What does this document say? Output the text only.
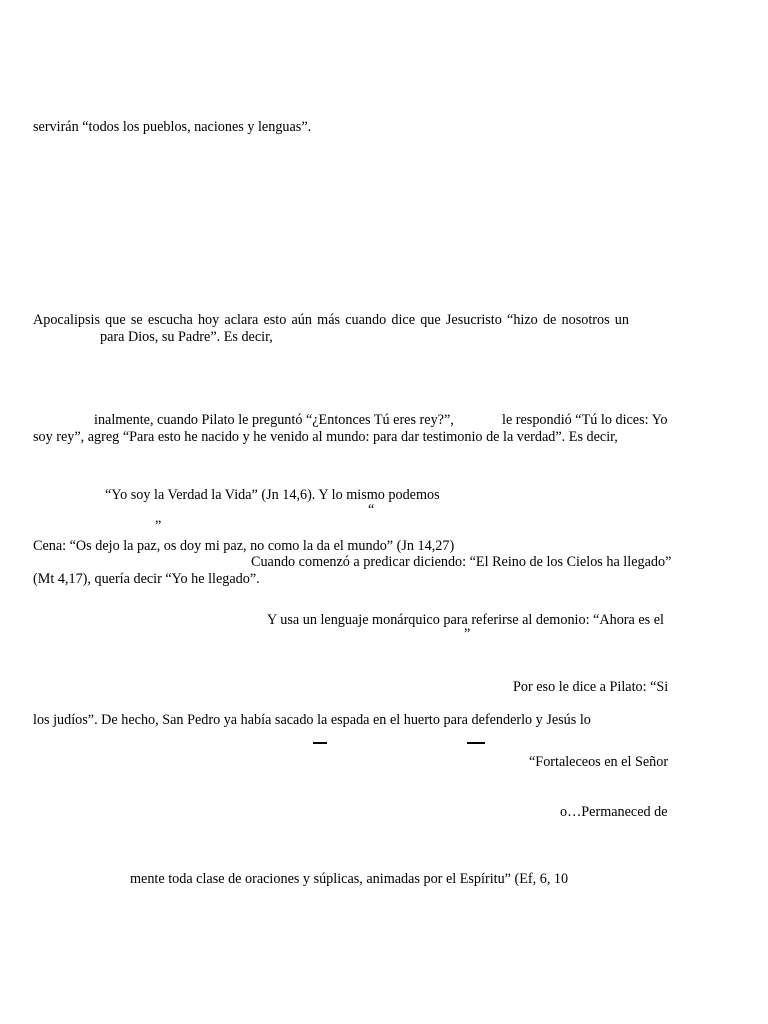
servirán “todos los pueblos, naciones y lenguas”.
Apocalipsis que se escucha hoy aclara esto aún más cuando dice que Jesucristo “hizo de nosotros un
para Dios, su Padre”. Es decir,
inalmente, cuando Pilato le preguntó “¿Entonces Tú eres rey?”,	le respondió “Tú lo dices: Yo
soy rey”, agreg “Para esto he nacido y he venido al mundo: para dar testimonio de la verdad”. Es decir,
“Yo soy la Verdad la Vida” (Jn 14,6). Y lo mismo podemos
“
”
Cena: “Os dejo la paz, os doy mi paz, no como la da el mundo” (Jn 14,27)
Cuando comenzó a predicar diciendo: “El Reino de los Cielos ha llegado”
(Mt 4,17), quería decir “Yo he llegado”.
Y usa un lenguaje monárquico para referirse al demonio: “Ahora es el
”
Por eso le dice a Pilato: “Si
los judíos”. De hecho, San Pedro ya había sacado la espada en el huerto para defenderlo y Jesús lo
“Fortaleceos en el Señor
o…Permaneced de
mente toda clase de oraciones y súplicas, animadas por el Espíritu” (Ef, 6, 10
